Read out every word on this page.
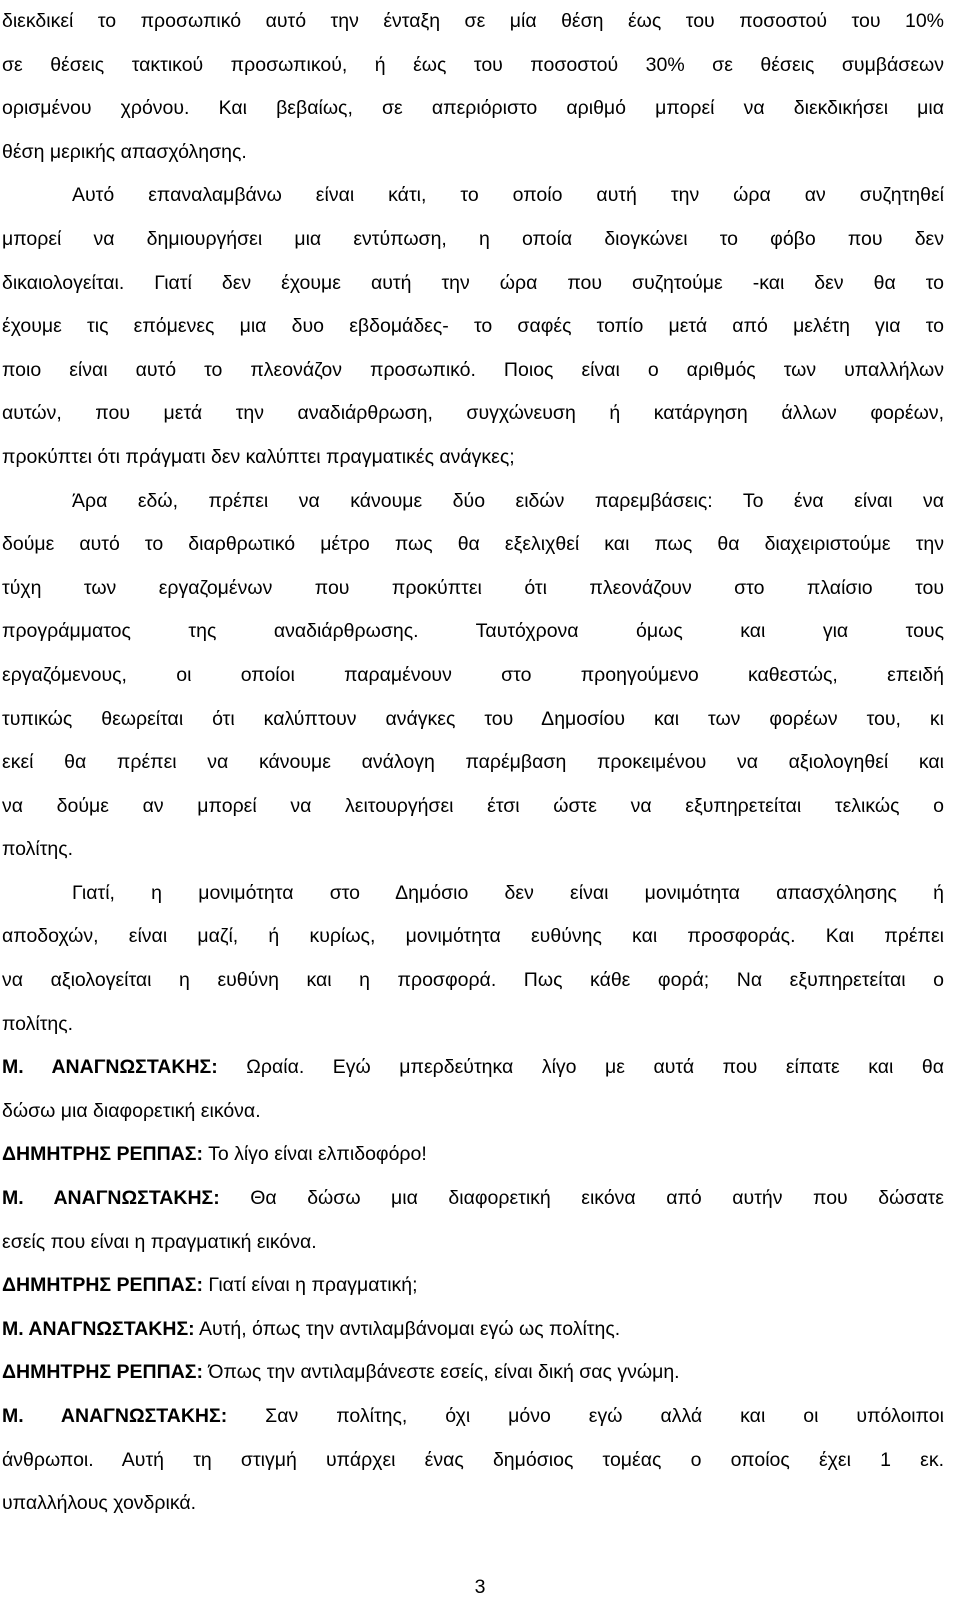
διεκδικεί το προσωπικό αυτό την ένταξη σε μία θέση έως του ποσοστού του 10%
σε θέσεις τακτικού προσωπικού, ή έως του ποσοστού 30% σε θέσεις συμβάσεων
ορισμένου χρόνου. Και βεβαίως, σε απεριόριστο αριθμό μπορεί να διεκδικήσει μια
θέση μερικής απασχόλησης.
Αυτό επαναλαμβάνω είναι κάτι, το οποίο αυτή την ώρα αν συζητηθεί
μπορεί να δημιουργήσει μια εντύπωση, η οποία διογκώνει το φόβο που δεν
δικαιολογείται. Γιατί δεν έχουμε αυτή την ώρα που συζητούμε -και δεν θα το
έχουμε τις επόμενες μια δυο εβδομάδες- το σαφές τοπίο μετά από μελέτη για το
ποιο είναι αυτό το πλεονάζον προσωπικό. Ποιος είναι ο αριθμός των υπαλλήλων
αυτών, που μετά την αναδιάρθρωση, συγχώνευση ή κατάργηση άλλων φορέων,
προκύπτει ότι πράγματι δεν καλύπτει πραγματικές ανάγκες;
Άρα εδώ, πρέπει να κάνουμε δύο ειδών παρεμβάσεις: Το ένα είναι να
δούμε αυτό το διαρθρωτικό μέτρο πως θα εξελιχθεί και πως θα διαχειριστούμε την
τύχη των εργαζομένων που προκύπτει ότι πλεονάζουν στο πλαίσιο του
προγράμματος της αναδιάρθρωσης. Ταυτόχρονα όμως και για τους
εργαζόμενους, οι οποίοι παραμένουν στο προηγούμενο καθεστώς, επειδή
τυπικώς θεωρείται ότι καλύπτουν ανάγκες του Δημοσίου και των φορέων του, κι
εκεί θα πρέπει να κάνουμε ανάλογη παρέμβαση προκειμένου να αξιολογηθεί και
να δούμε αν μπορεί να λειτουργήσει έτσι ώστε να εξυπηρετείται τελικώς ο
πολίτης.
Γιατί, η μονιμότητα στο Δημόσιο δεν είναι μονιμότητα απασχόλησης ή
αποδοχών, είναι μαζί, ή κυρίως, μονιμότητα ευθύνης και προσφοράς. Και πρέπει
να αξιολογείται η ευθύνη και η προσφορά. Πως κάθε φορά; Να εξυπηρετείται ο
πολίτης.
Μ. ΑΝΑΓΝΩΣΤΑΚΗΣ: Ωραία. Εγώ μπερδεύτηκα λίγο με αυτά που είπατε και θα
δώσω μια διαφορετική εικόνα.
ΔΗΜΗΤΡΗΣ ΡΕΠΠΑΣ: Το λίγο είναι ελπιδοφόρο!
Μ. ΑΝΑΓΝΩΣΤΑΚΗΣ: Θα δώσω μια διαφορετική εικόνα από αυτήν που δώσατε
εσείς που είναι η πραγματική εικόνα.
ΔΗΜΗΤΡΗΣ ΡΕΠΠΑΣ: Γιατί είναι η πραγματική;
Μ. ΑΝΑΓΝΩΣΤΑΚΗΣ: Αυτή, όπως την αντιλαμβάνομαι εγώ ως πολίτης.
ΔΗΜΗΤΡΗΣ ΡΕΠΠΑΣ: Όπως την αντιλαμβάνεστε εσείς, είναι δική σας γνώμη.
Μ. ΑΝΑΓΝΩΣΤΑΚΗΣ: Σαν πολίτης, όχι μόνο εγώ αλλά και οι υπόλοιποι
άνθρωποι. Αυτή τη στιγμή υπάρχει ένας δημόσιος τομέας ο οποίος έχει 1 εκ.
υπαλλήλους χονδρικά.
3
